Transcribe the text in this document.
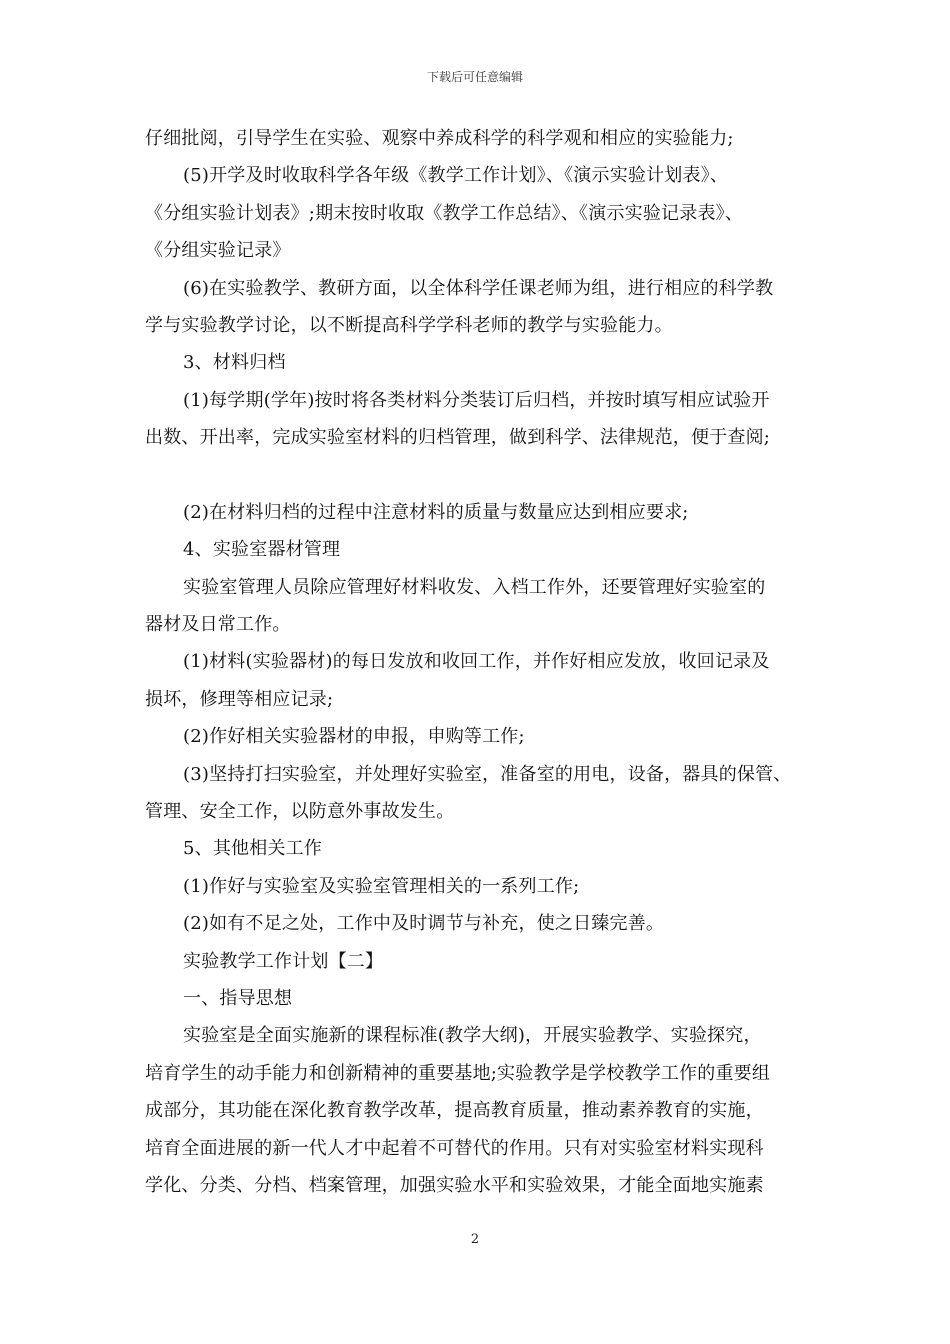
下载后可任意编辑
仔细批阅，引导学生在实验、观察中养成科学的科学观和相应的实验能力;
(5)开学及时收取科学各年级《教学工作计划》、《演示实验计划表》、
《分组实验计划表》;期末按时收取《教学工作总结》、《演示实验记录表》、
《分组实验记录》
(6)在实验教学、教研方面，以全体科学任课老师为组，进行相应的科学教
学与实验教学讨论，以不断提高科学学科老师的教学与实验能力。
3、材料归档
(1)每学期(学年)按时将各类材料分类装订后归档，并按时填写相应试验开
出数、开出率，完成实验室材料的归档管理，做到科学、法律规范，便于查阅;
(2)在材料归档的过程中注意材料的质量与数量应达到相应要求;
4、实验室器材管理
实验室管理人员除应管理好材料收发、入档工作外，还要管理好实验室的
器材及日常工作。
(1)材料(实验器材)的每日发放和收回工作，并作好相应发放，收回记录及
损坏，修理等相应记录;
(2)作好相关实验器材的申报，申购等工作;
(3)坚持打扫实验室，并处理好实验室，准备室的用电，设备，器具的保管、
管理、安全工作，以防意外事故发生。
5、其他相关工作
(1)作好与实验室及实验室管理相关的一系列工作;
(2)如有不足之处，工作中及时调节与补充，使之日臻完善。
实验教学工作计划【二】
一、指导思想
实验室是全面实施新的课程标准(教学大纲)，开展实验教学、实验探究，
培育学生的动手能力和创新精神的重要基地;实验教学是学校教学工作的重要组
成部分，其功能在深化教育教学改革，提高教育质量，推动素养教育的实施，
培育全面进展的新一代人才中起着不可替代的作用。只有对实验室材料实现科
学化、分类、分档、档案管理，加强实验水平和实验效果，才能全面地实施素
2
